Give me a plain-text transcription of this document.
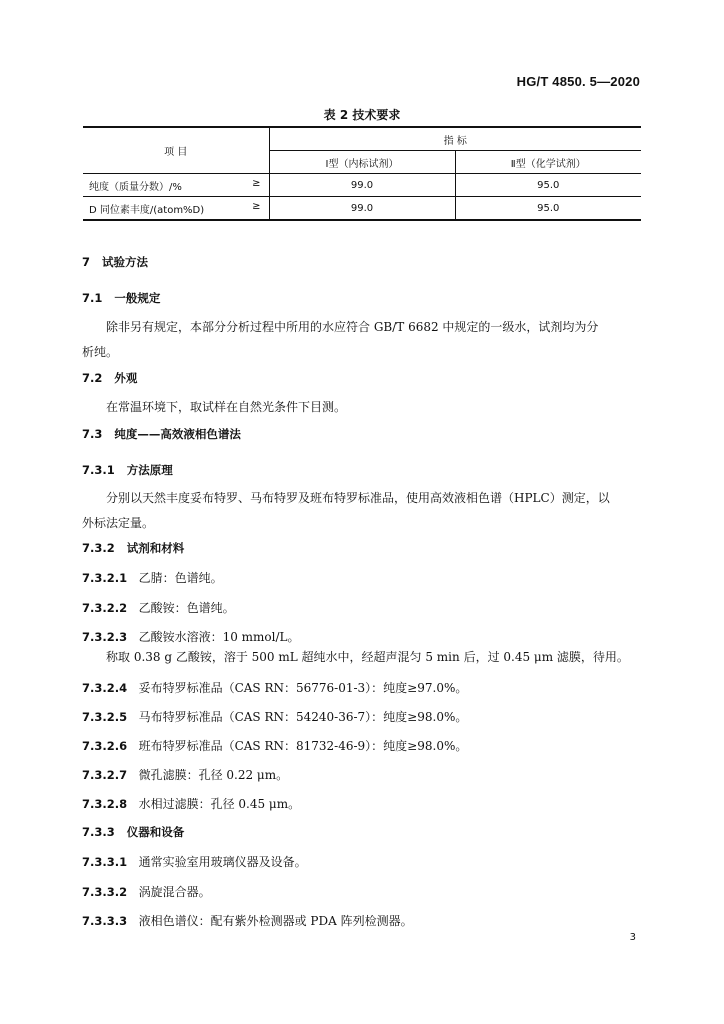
HG/T 4850. 5—2020
表 2 技术要求
项 目	指 标	
	Ⅰ型（内标试剂）	Ⅱ型（化学试剂）
纯度（质量分数）/% ≥	99.0	95.0
D 同位素丰度/(atom%D) ≥	99.0	95.0
7 试验方法
7.1 一般规定
除非另有规定，本部分分析过程中所用的水应符合 GB/T 6682 中规定的一级水，试剂均为分
析纯。
7.2 外观
在常温环境下，取试样在自然光条件下目测。
7.3 纯度——高效液相色谱法
7.3.1 方法原理
分别以天然丰度妥布特罗、马布特罗及班布特罗标准品，使用高效液相色谱（HPLC）测定，以
外标法定量。
7.3.2 试剂和材料
7.3.2.1 乙腈：色谱纯。
7.3.2.2 乙酸铵：色谱纯。
7.3.2.3 乙酸铵水溶液：10 mmol/L。
称取 0.38 g 乙酸铵，溶于 500 mL 超纯水中，经超声混匀 5 min 后，过 0.45 μm 滤膜，待用。
7.3.2.4 妥布特罗标准品（CAS RN：56776-01-3）：纯度≥97.0%。
7.3.2.5 马布特罗标准品（CAS RN：54240-36-7）：纯度≥98.0%。
7.3.2.6 班布特罗标准品（CAS RN：81732-46-9）：纯度≥98.0%。
7.3.2.7 微孔滤膜：孔径 0.22 μm。
7.3.2.8 水相过滤膜：孔径 0.45 μm。
7.3.3 仪器和设备
7.3.3.1 通常实验室用玻璃仪器及设备。
7.3.3.2 涡旋混合器。
7.3.3.3 液相色谱仪：配有紫外检测器或 PDA 阵列检测器。
3
